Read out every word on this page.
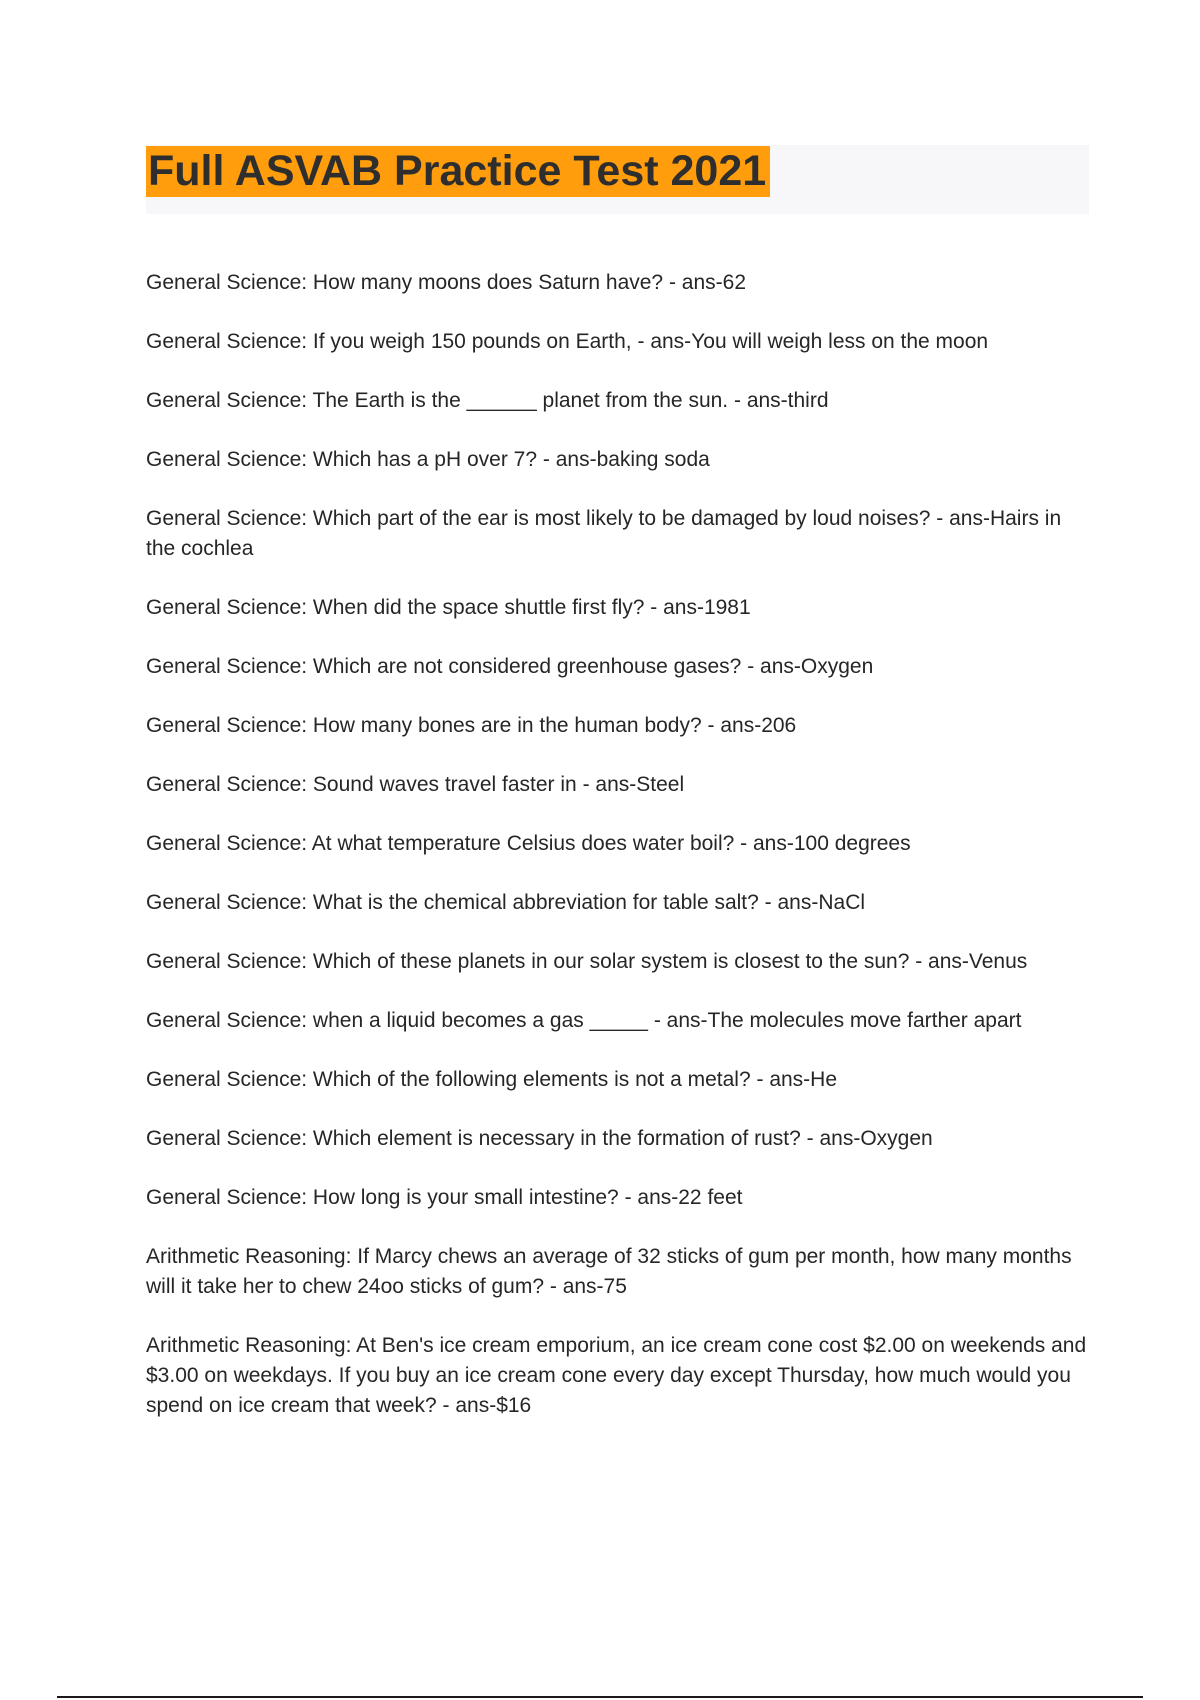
Full ASVAB Practice Test 2021

General Science: How many moons does Saturn have? - ans-62

General Science: If you weigh 150 pounds on Earth, - ans-You will weigh less on the moon

General Science: The Earth is the ______ planet from the sun. - ans-third

General Science: Which has a pH over 7? - ans-baking soda

General Science: Which part of the ear is most likely to be damaged by loud noises? - ans-Hairs in the cochlea

General Science: When did the space shuttle first fly? - ans-1981

General Science: Which are not considered greenhouse gases? - ans-Oxygen

General Science: How many bones are in the human body? - ans-206

General Science: Sound waves travel faster in - ans-Steel

General Science: At what temperature Celsius does water boil? - ans-100 degrees

General Science: What is the chemical abbreviation for table salt? - ans-NaCl

General Science: Which of these planets in our solar system is closest to the sun? - ans-Venus

General Science: when a liquid becomes a gas _____ - ans-The molecules move farther apart

General Science: Which of the following elements is not a metal? - ans-He

General Science: Which element is necessary in the formation of rust? - ans-Oxygen

General Science: How long is your small intestine? - ans-22 feet

Arithmetic Reasoning: If Marcy chews an average of 32 sticks of gum per month, how many months will it take her to chew 24oo sticks of gum? - ans-75

Arithmetic Reasoning: At Ben's ice cream emporium, an ice cream cone cost $2.00 on weekends and $3.00 on weekdays. If you buy an ice cream cone every day except Thursday, how much would you spend on ice cream that week? - ans-$16
